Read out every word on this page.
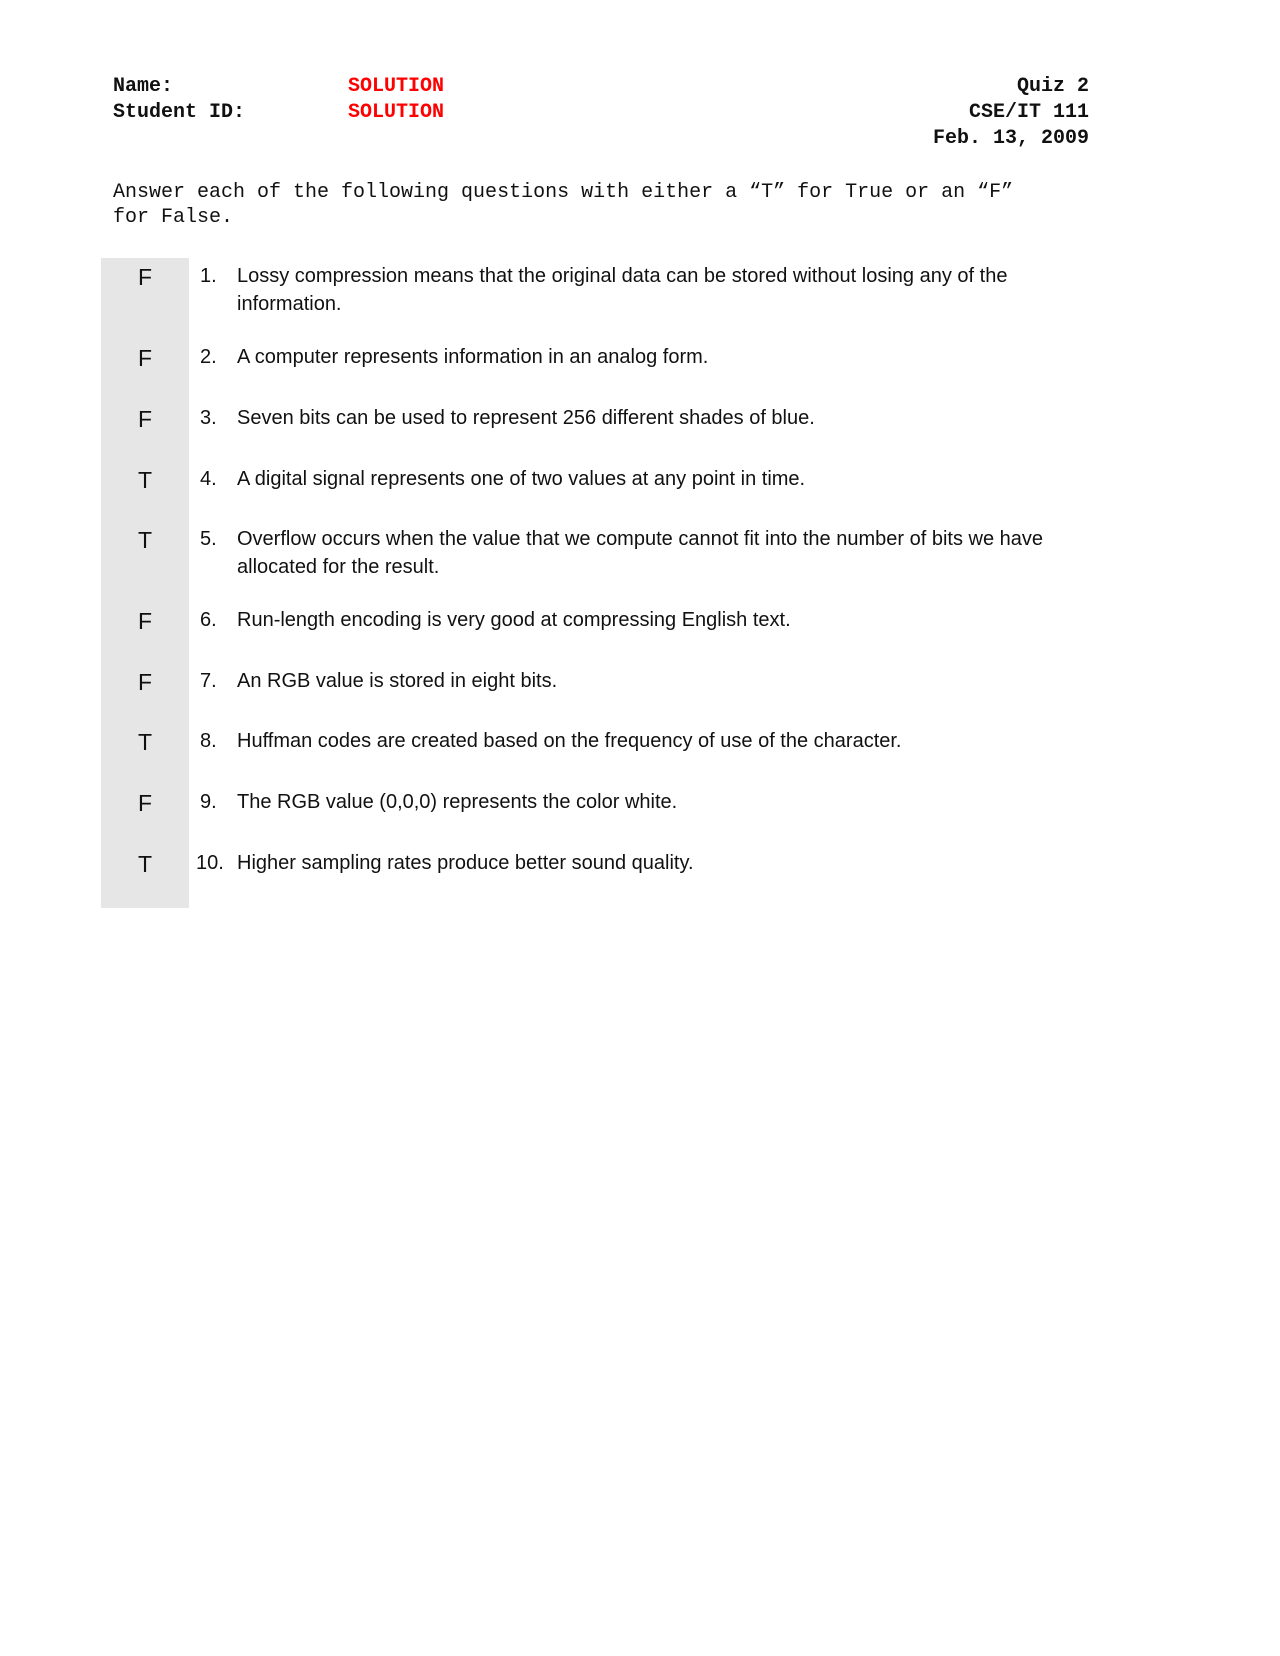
Name:	SOLUTION
Student ID:	SOLUTION
Quiz 2
CSE/IT 111
Feb. 13, 2009
Answer each of the following questions with either a “T” for True or an “F”
for False.
F	1. Lossy compression means that the original data can be stored without losing any of the information.
F	2. A computer represents information in an analog form.
F	3. Seven bits can be used to represent 256 different shades of blue.
T	4. A digital signal represents one of two values at any point in time.
T	5. Overflow occurs when the value that we compute cannot fit into the number of bits we have allocated for the result.
F	6. Run-length encoding is very good at compressing English text.
F	7. An RGB value is stored in eight bits.
T	8. Huffman codes are created based on the frequency of use of the character.
F	9. The RGB value (0,0,0) represents the color white.
T	10. Higher sampling rates produce better sound quality.
